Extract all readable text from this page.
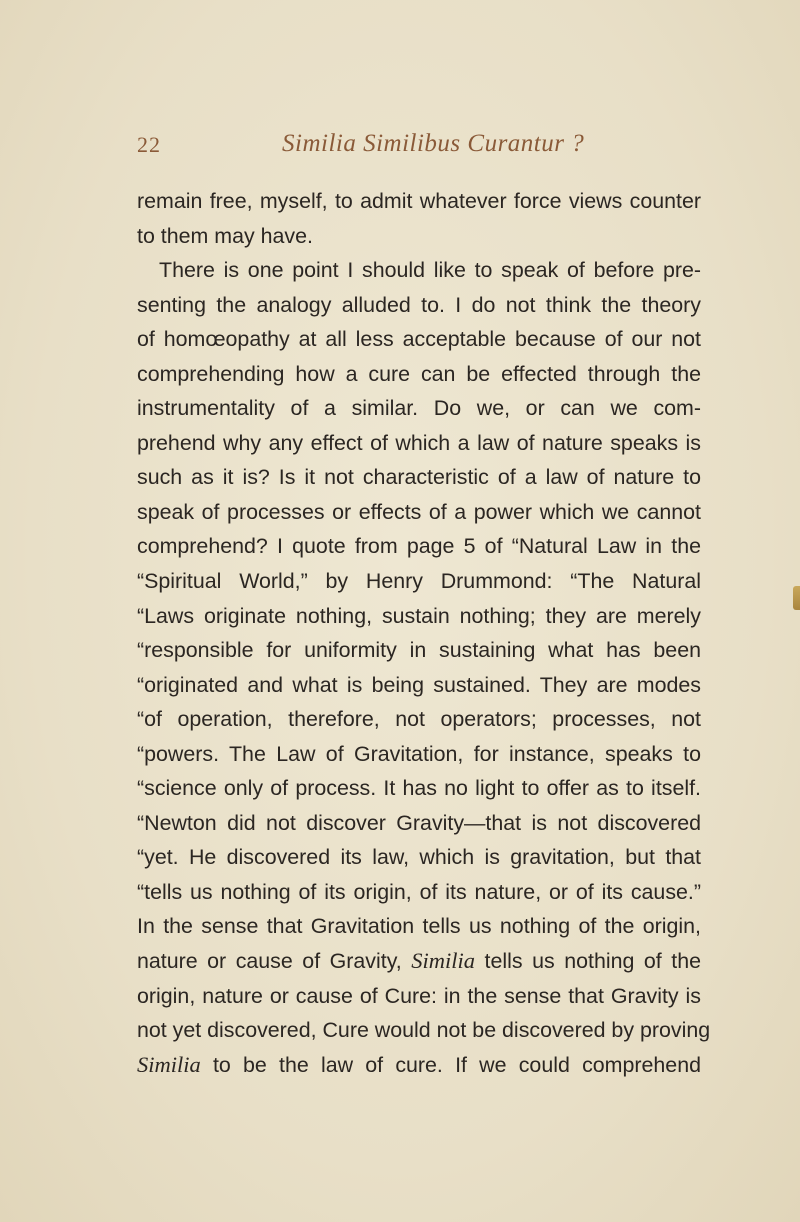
22	Similia Similibus Curantur ?
remain free, myself, to admit whatever force views counter
to them may have.
There is one point I should like to speak of before pre-
senting the analogy alluded to. I do not think the theory
of homœopathy at all less acceptable because of our not
comprehending how a cure can be effected through the
instrumentality of a similar. Do we, or can we com-
prehend why any effect of which a law of nature speaks is
such as it is? Is it not characteristic of a law of nature to
speak of processes or effects of a power which we cannot
comprehend? I quote from page 5 of “Natural Law in the
“Spiritual World,” by Henry Drummond: “The Natural
“Laws originate nothing, sustain nothing; they are merely
“responsible for uniformity in sustaining what has been
“originated and what is being sustained. They are modes
“of operation, therefore, not operators; processes, not
“powers. The Law of Gravitation, for instance, speaks to
“science only of process. It has no light to offer as to itself.
“Newton did not discover Gravity—that is not discovered
“yet. He discovered its law, which is gravitation, but that
“tells us nothing of its origin, of its nature, or of its cause.”
In the sense that Gravitation tells us nothing of the origin,
nature or cause of Gravity, Similia tells us nothing of the
origin, nature or cause of Cure: in the sense that Gravity is
not yet discovered, Cure would not be discovered by proving
Similia to be the law of cure. If we could comprehend
